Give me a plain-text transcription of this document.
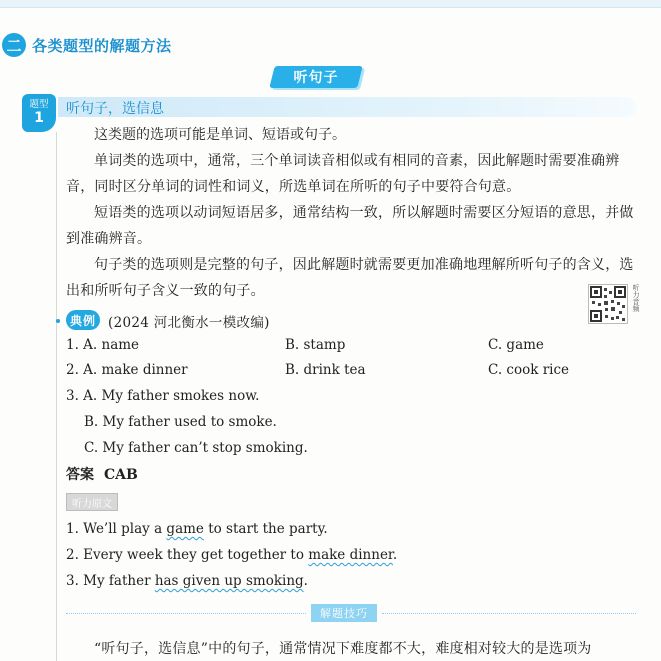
二 各类题型的解题方法
听句子
题型
1
听句子，选信息
这类题的选项可能是单词、短语或句子。
单词类的选项中，通常，三个单词读音相似或有相同的音素，因此解题时需要准确辨音，同时区分单词的词性和词义，所选单词在所听的句子中要符合句意。
短语类的选项以动词短语居多，通常结构一致，所以解题时需要区分短语的意思，并做到准确辨音。
句子类的选项则是完整的句子，因此解题时就需要更加准确地理解所听句子的含义，选出和所听句子含义一致的句子。	听力音频
典例 (2024 河北衡水一模改编)
1. A. name	B. stamp	C. game
2. A. make dinner	B. drink tea	C. cook rice
3. A. My father smokes now.
B. My father used to smoke.
C. My father can’t stop smoking.
答案 CAB
听力原文
1. We’ll play a game to start the party.
2. Every week they get together to make dinner.
3. My father has given up smoking.
解题技巧
“听句子，选信息”中的句子，通常情况下难度都不大，难度相对较大的是选项为
